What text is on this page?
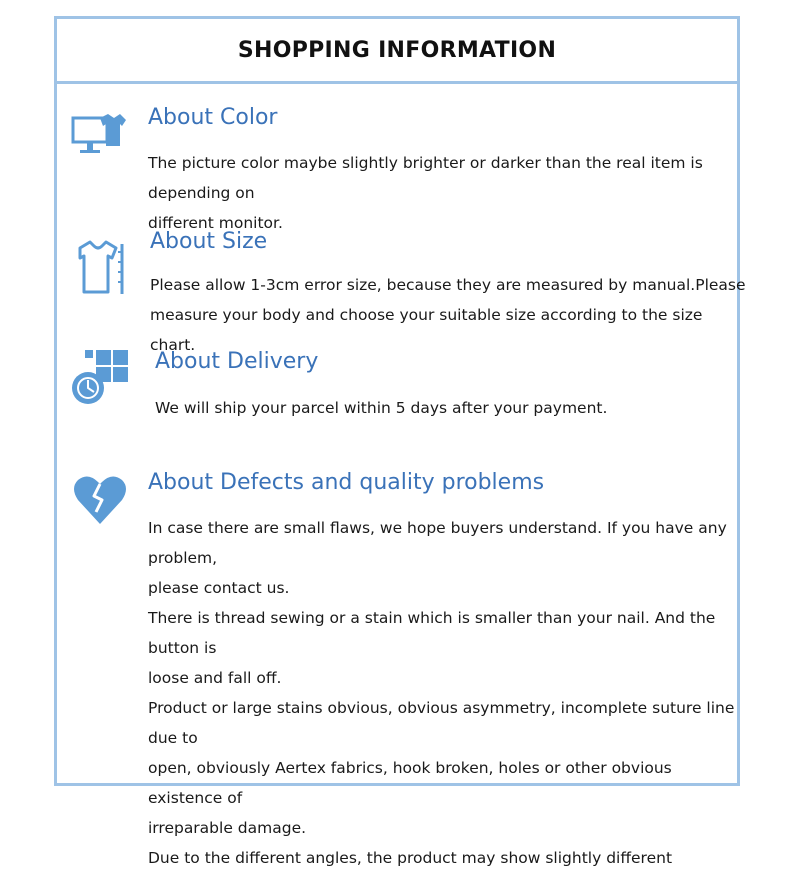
SHOPPING INFORMATION

About Color

The picture color maybe slightly brighter or darker than the real item is depending on

different monitor.

About Size

Please allow 1-3cm error size, because they are measured by manual.Please

measure your body and choose your suitable size according to the size chart.

About Delivery

We will ship your parcel within 5 days after your payment.

About Defects and quality problems

In case there are small flaws, we hope buyers understand. If you have any problem,

please contact us.

There is thread sewing or a stain which is smaller than your nail. And the button is

loose and fall off.

Product or large stains obvious, obvious asymmetry, incomplete suture line due to

open, obviously Aertex fabrics, hook broken, holes or other obvious existence of

irreparable damage.

Due to the different angles, the product may show slightly different
